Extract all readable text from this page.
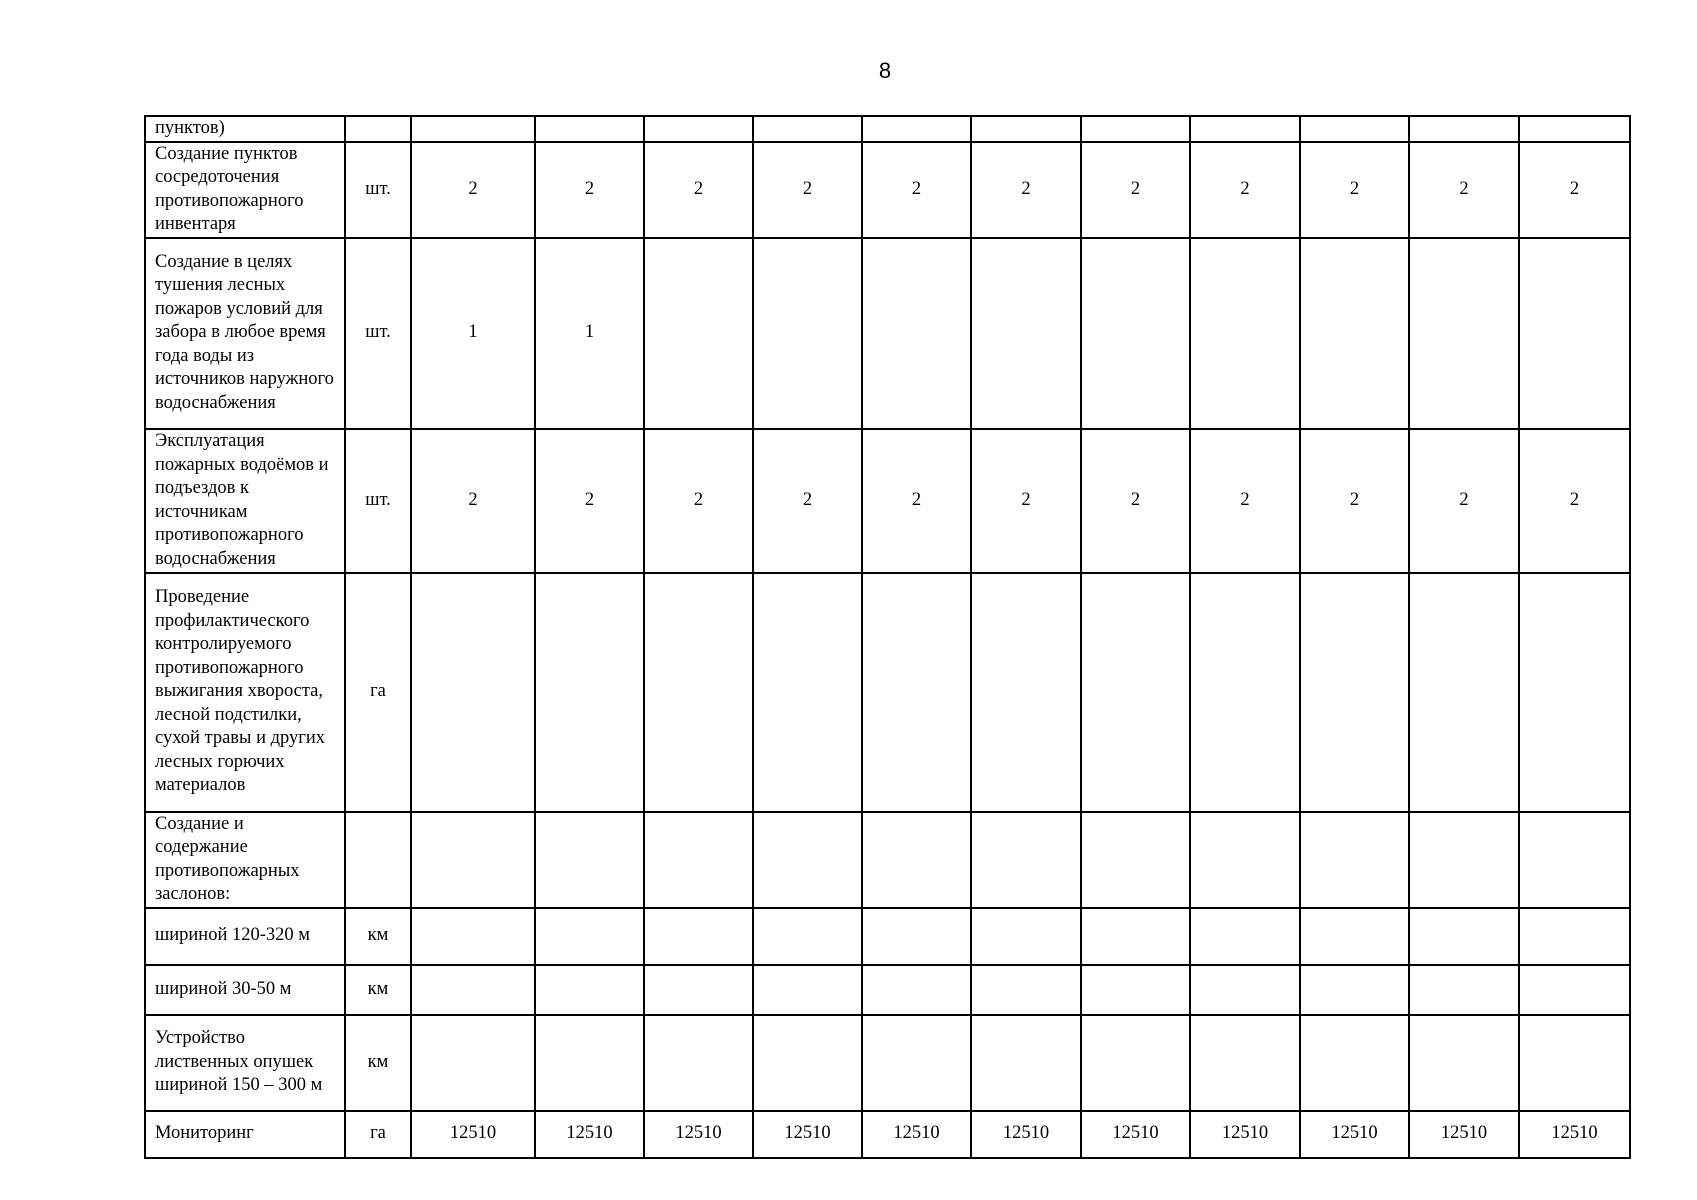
8
пунктов)												
Создание пунктов сосредоточения противопожарного инвентаря	шт.	2	2	2	2	2	2	2	2	2	2	2
Создание в целях тушения лесных пожаров условий для забора в любое время года воды из источников наружного водоснабжения	шт.	1	1									
Эксплуатация пожарных водоёмов и подъездов к источникам противопожарного водоснабжения	шт.	2	2	2	2	2	2	2	2	2	2	2
Проведение профилактического контролируемого противопожарного выжигания хвороста, лесной подстилки, сухой травы и других лесных горючих материалов	га											
Создание и содержание противопожарных заслонов:												
шириной 120-320 м	км											
шириной 30-50 м	км											
Устройство лиственных опушек шириной 150 – 300 м	км											
Мониторинг	га	12510	12510	12510	12510	12510	12510	12510	12510	12510	12510	12510
